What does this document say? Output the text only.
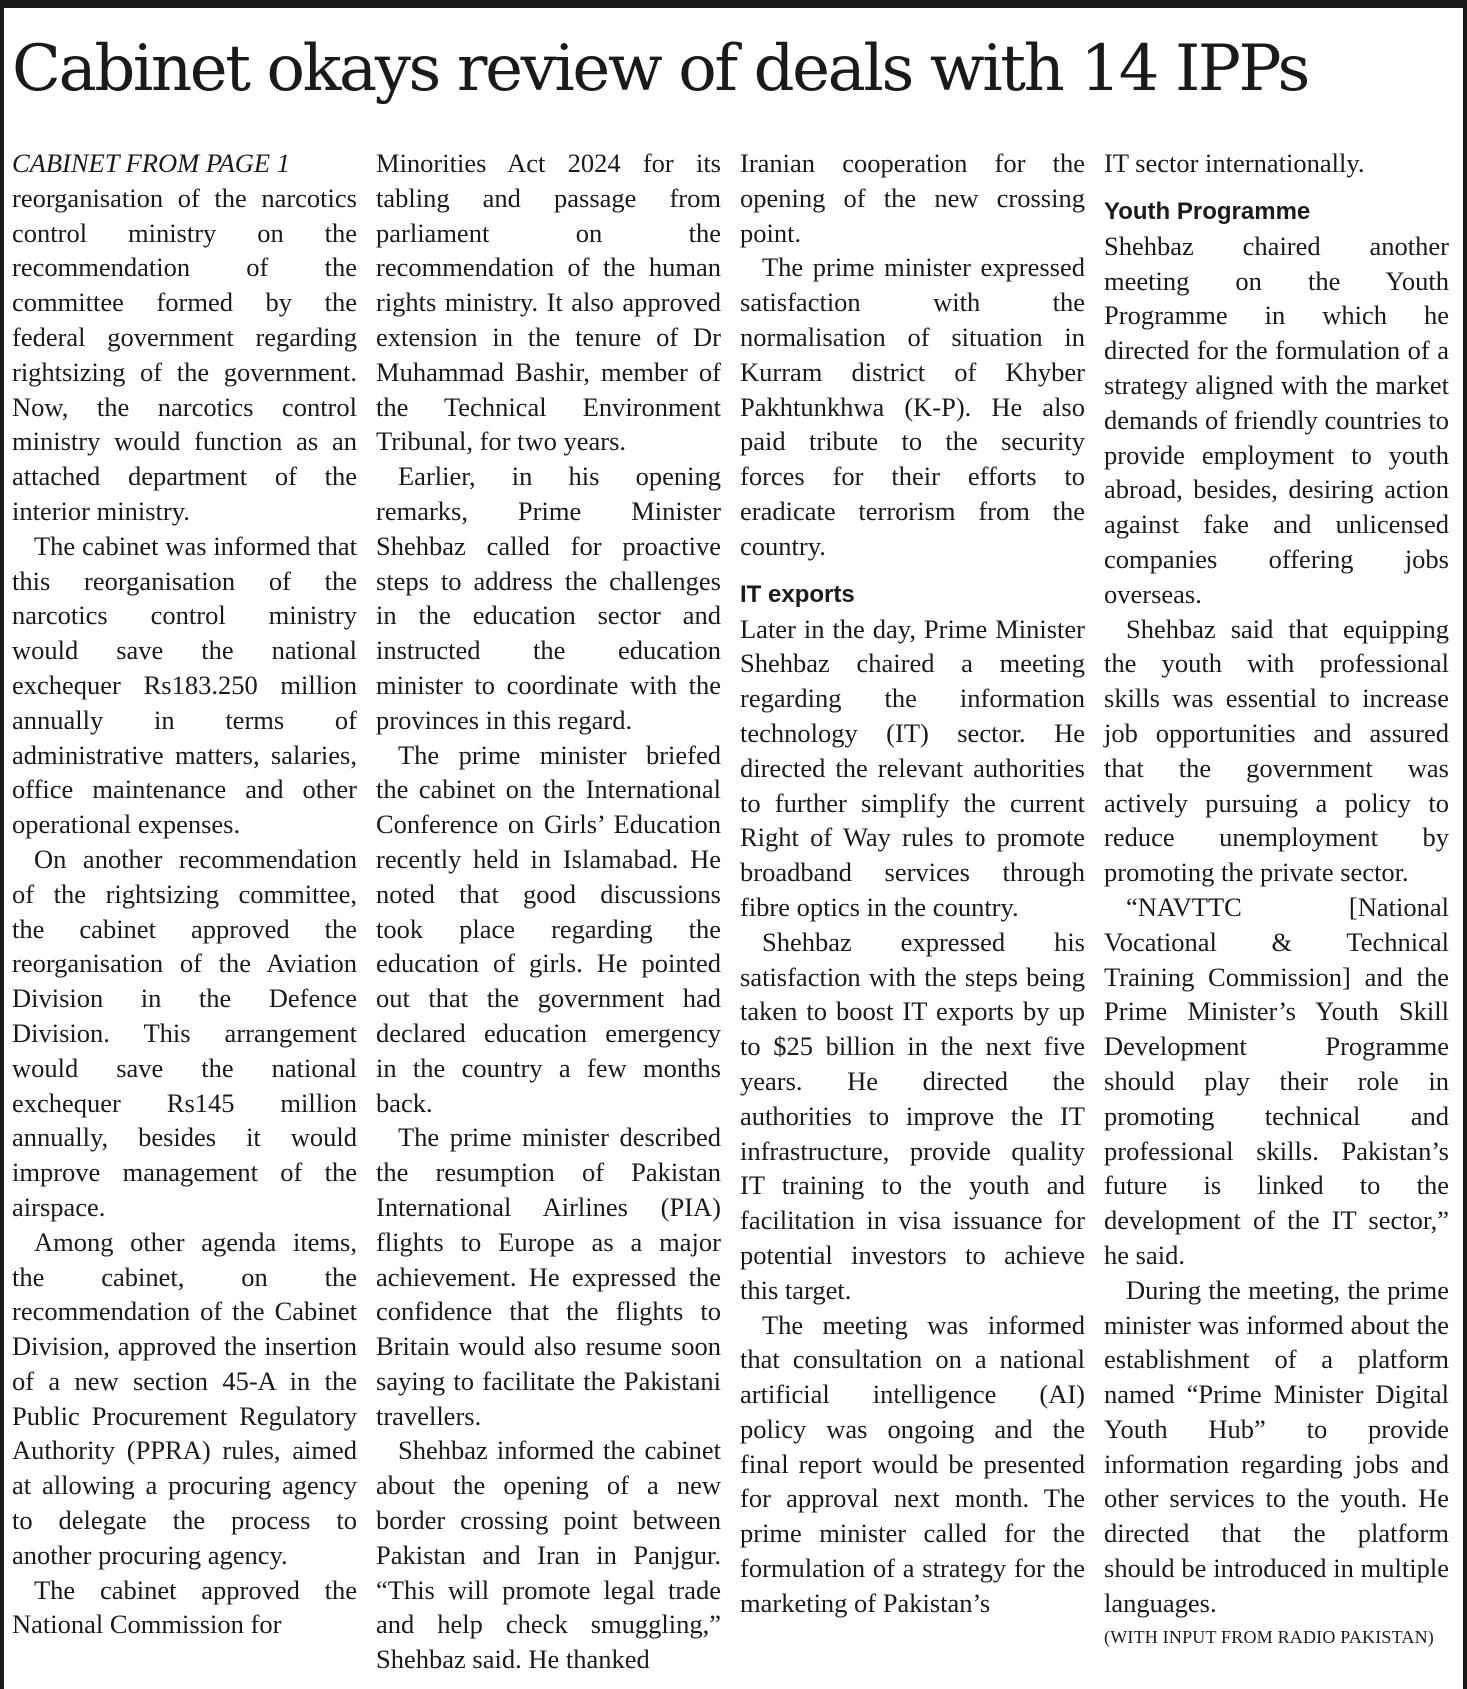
Cabinet okays review of deals with 14 IPPs

CABINET FROM PAGE 1

reorganisation of the narcotics control ministry on the recommendation of the committee formed by the federal government regarding rightsizing of the government. Now, the narcotics control ministry would function as an attached department of the interior ministry.

The cabinet was informed that this reorganisation of the narcotics control ministry would save the national exchequer Rs183.250 million annually in terms of administrative matters, salaries, office maintenance and other operational expenses.

On another recommendation of the rightsizing committee, the cabinet approved the reorganisation of the Aviation Division in the Defence Division. This arrangement would save the national exchequer Rs145 million annually, besides it would improve management of the airspace.

Among other agenda items, the cabinet, on the recommendation of the Cabinet Division, approved the insertion of a new section 45-A in the Public Procurement Regulatory Authority (PPRA) rules, aimed at allowing a procuring agency to delegate the process to another procuring agency.

The cabinet approved the National Commission for

Minorities Act 2024 for its tabling and passage from parliament on the recommendation of the human rights ministry. It also approved extension in the tenure of Dr Muhammad Bashir, member of the Technical Environment Tribunal, for two years.

Earlier, in his opening remarks, Prime Minister Shehbaz called for proactive steps to address the challenges in the education sector and instructed the education minister to coordinate with the provinces in this regard.

The prime minister briefed the cabinet on the International Conference on Girls’ Education recently held in Islamabad. He noted that good discussions took place regarding the education of girls. He pointed out that the government had declared education emergency in the country a few months back.

The prime minister described the resumption of Pakistan International Airlines (PIA) flights to Europe as a major achievement. He expressed the confidence that the flights to Britain would also resume soon saying to facilitate the Pakistani travellers.

Shehbaz informed the cabinet about the opening of a new border crossing point between Pakistan and Iran in Panjgur. “This will promote legal trade and help check smuggling,” Shehbaz said. He thanked

Iranian cooperation for the opening of the new crossing point.

The prime minister expressed satisfaction with the normalisation of situation in Kurram district of Khyber Pakhtunkhwa (K-P). He also paid tribute to the security forces for their efforts to eradicate terrorism from the country.

IT exports

Later in the day, Prime Minister Shehbaz chaired a meeting regarding the information technology (IT) sector. He directed the relevant authorities to further simplify the current Right of Way rules to promote broadband services through fibre optics in the country.

Shehbaz expressed his satisfaction with the steps being taken to boost IT exports by up to $25 billion in the next five years. He directed the authorities to improve the IT infrastructure, provide quality IT training to the youth and facilitation in visa issuance for potential investors to achieve this target.

The meeting was informed that consultation on a national artificial intelligence (AI) policy was ongoing and the final report would be presented for approval next month. The prime minister called for the formulation of a strategy for the marketing of Pakistan’s

IT sector internationally.

Youth Programme

Shehbaz chaired another meeting on the Youth Programme in which he directed for the formulation of a strategy aligned with the market demands of friendly countries to provide employment to youth abroad, besides, desiring action against fake and unlicensed companies offering jobs overseas.

Shehbaz said that equipping the youth with professional skills was essential to increase job opportunities and assured that the government was actively pursuing a policy to reduce unemployment by promoting the private sector.

“NAVTTC [National Vocational & Technical Training Commission] and the Prime Minister’s Youth Skill Development Programme should play their role in promoting technical and professional skills. Pakistan’s future is linked to the development of the IT sector,” he said.

During the meeting, the prime minister was informed about the establishment of a platform named “Prime Minister Digital Youth Hub” to provide information regarding jobs and other services to the youth. He directed that the platform should be introduced in multiple languages.

(WITH INPUT FROM RADIO PAKISTAN)
